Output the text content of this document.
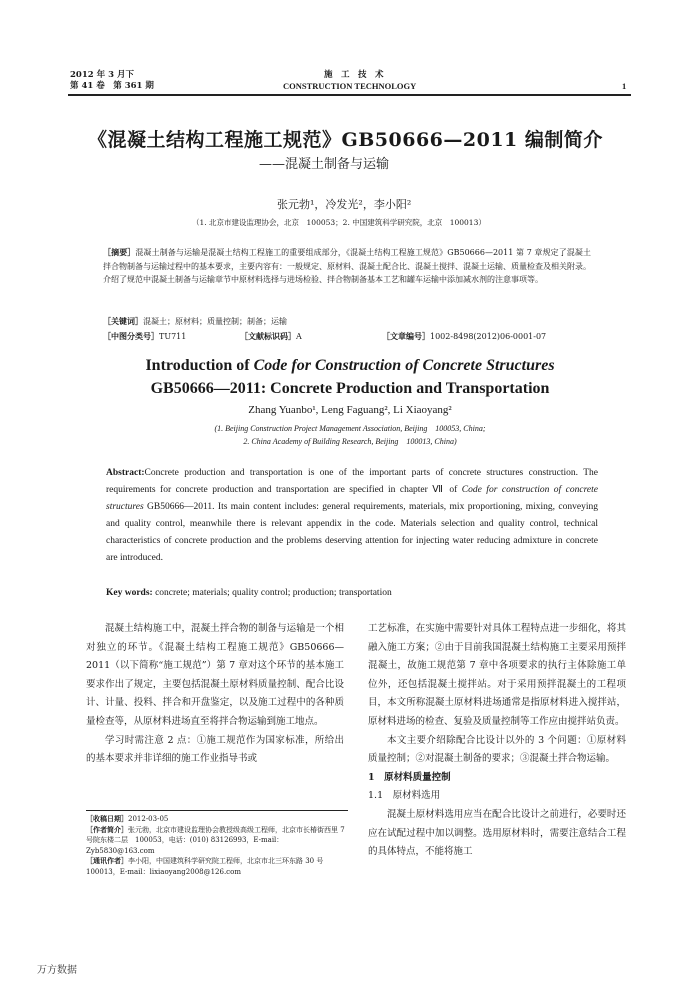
2012 年 3 月下
第 41 卷　第 361 期
施　工　技　术
CONSTRUCTION TECHNOLOGY	1
《混凝土结构工程施工规范》GB50666—2011 编制简介
——混凝土制备与运输
张元勃¹，冷发光²，李小阳²
（1. 北京市建设监理协会，北京　100053；2. 中国建筑科学研究院，北京　100013）
［摘要］混凝土制备与运输是混凝土结构工程施工的重要组成部分，《混凝土结构工程施工规范》GB50666—2011 第 7 章规定了混凝土拌合物制备与运输过程中的基本要求，主要内容有：一般规定、原材料、混凝土配合比、混凝土搅拌、混凝土运输、质量检查及相关附录。介绍了规范中混凝土制备与运输章节中原材料选择与进场检验、拌合物制备基本工艺和罐车运输中添加减水剂的注意事项等。
［关键词］混凝土；原材料；质量控制；制备；运输
［中图分类号］TU711	［文献标识码］A	［文章编号］1002-8498(2012)06-0001-07
Introduction of Code for Construction of Concrete Structures
GB50666—2011: Concrete Production and Transportation
Zhang Yuanbo¹, Leng Faguang², Li Xiaoyang²
(1. Beijing Construction Project Management Association, Beijing　100053, China;
2. China Academy of Building Research, Beijing　100013, China)
Abstract:Concrete production and transportation is one of the important parts of concrete structures construction. The requirements for concrete production and transportation are specified in chapter Ⅶ of Code for construction of concrete structures GB50666—2011. Its main content includes: general requirements, materials, mix proportioning, mixing, conveying and quality control, meanwhile there is relevant appendix in the code. Materials selection and quality control, technical characteristics of concrete production and the problems deserving attention for injecting water reducing admixture in concrete are introduced.
Key words: concrete; materials; quality control; production; transportation

混凝土结构施工中，混凝土拌合物的制备与运输是一个相对独立的环节。《混凝土结构工程施工规范》GB50666—2011（以下简称“施工规范”）第 7 章对这个环节的基本施工要求作出了规定，主要包括混凝土原材料质量控制、配合比设计、计量、投料、拌合和开盘鉴定，以及施工过程中的各种质量检查等，从原材料进场直至将拌合物运输到施工地点。

学习时需注意 2 点：①施工规范作为国家标准，所给出的基本要求并非详细的施工作业指导书或

［收稿日期］2012-03-05
［作者简介］张元勃，北京市建设监理协会教授级高级工程师，北京市长椿街西里 7 号院东楼二层　100053，电话：(010) 83126993，E-mail：Zyb5830@163.com
［通讯作者］李小阳，中国建筑科学研究院工程师，北京市北三环东路 30 号　100013，E-mail：lixiaoyang2008@126.com

工艺标准，在实施中需要针对具体工程特点进一步细化，将其融入施工方案；②由于目前我国混凝土结构施工主要采用预拌混凝土，故施工规范第 7 章中各项要求的执行主体除施工单位外，还包括混凝土搅拌站。对于采用预拌混凝土的工程项目，本文所称混凝土原材料进场通常是指原材料进入搅拌站，原材料进场的检查、复验及质量控制等工作应由搅拌站负责。

本文主要介绍除配合比设计以外的 3 个问题：①原材料质量控制；②对混凝土制备的要求；③混凝土拌合物运输。

1　原材料质量控制
1.1　原材料选用

混凝土原材料选用应当在配合比设计之前进行，必要时还应在试配过程中加以调整。选用原材料时，需要注意结合工程的具体特点，不能将施工

万方数据
